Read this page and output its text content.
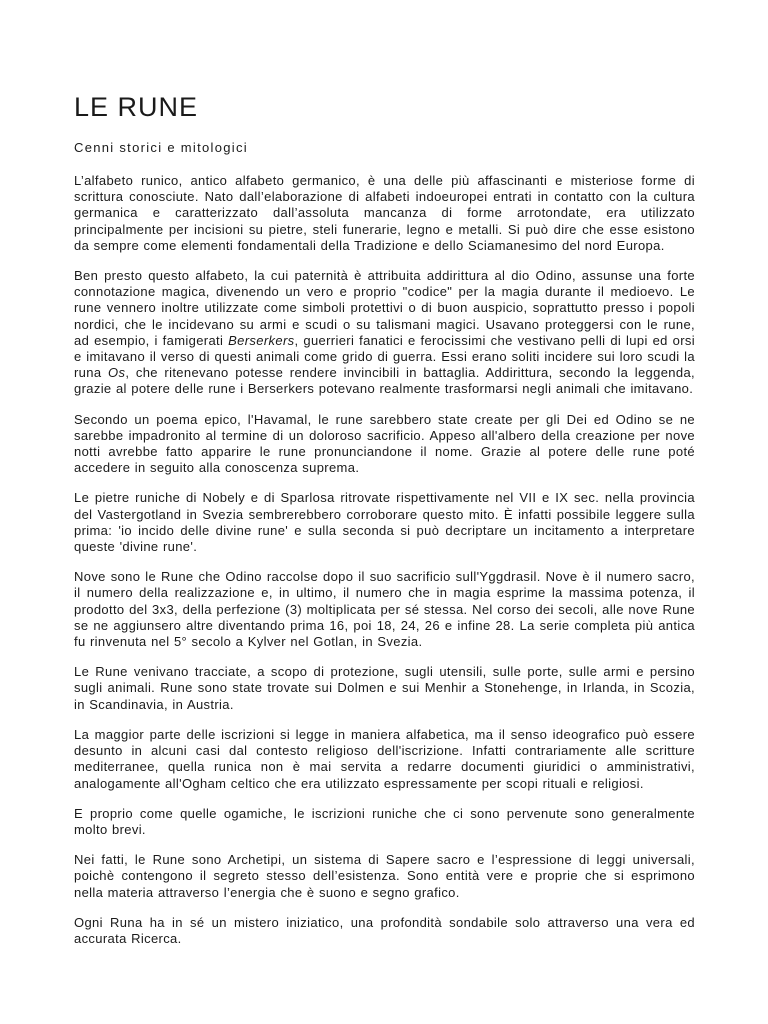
LE RUNE

Cenni storici e mitologici

L’alfabeto runico, antico alfabeto germanico, è una delle più affascinanti e misteriose forme di scrittura conosciute. Nato dall’elaborazione di alfabeti indoeuropei entrati in contatto con la cultura germanica e caratterizzato dall’assoluta mancanza di forme arrotondate, era utilizzato principalmente per incisioni su pietre, steli funerarie, legno e metalli. Si può dire che esse esistono da sempre come elementi fondamentali della Tradizione e dello Sciamanesimo del nord Europa.

Ben presto questo alfabeto, la cui paternità è attribuita addirittura al dio Odino, assunse una forte connotazione magica, divenendo un vero e proprio "codice" per la magia durante il medioevo. Le rune vennero inoltre utilizzate come simboli protettivi o di buon auspicio, soprattutto presso i popoli nordici, che le incidevano su armi e scudi o su talismani magici. Usavano proteggersi con le rune, ad esempio, i famigerati Berserkers, guerrieri fanatici e ferocissimi che vestivano pelli di lupi ed orsi e imitavano il verso di questi animali come grido di guerra. Essi erano soliti incidere sui loro scudi la runa Os, che ritenevano potesse rendere invincibili in battaglia. Addirittura, secondo la leggenda, grazie al potere delle rune i Berserkers potevano realmente trasformarsi negli animali che imitavano.

Secondo un poema epico, l'Havamal, le rune sarebbero state create per gli Dei ed Odino se ne sarebbe impadronito al termine di un doloroso sacrificio. Appeso all'albero della creazione per nove notti avrebbe fatto apparire le rune pronunciandone il nome. Grazie al potere delle rune poté accedere in seguito alla conoscenza suprema.

Le pietre runiche di Nobely e di Sparlosa ritrovate rispettivamente nel VII e IX sec. nella provincia del Vastergotland in Svezia sembrerebbero corroborare questo mito. È infatti possibile leggere sulla prima: 'io incido delle divine rune' e sulla seconda si può decriptare un incitamento a interpretare queste 'divine rune'.

Nove sono le Rune che Odino raccolse dopo il suo sacrificio sull'Yggdrasil. Nove è il numero sacro, il numero della realizzazione e, in ultimo, il numero che in magia esprime la massima potenza, il prodotto del 3x3, della perfezione (3) moltiplicata per sé stessa. Nel corso dei secoli, alle nove Rune se ne aggiunsero altre diventando prima 16, poi 18, 24, 26 e infine 28. La serie completa più antica fu rinvenuta nel 5° secolo a Kylver nel Gotlan, in Svezia.

Le Rune venivano tracciate, a scopo di protezione, sugli utensili, sulle porte, sulle armi e persino sugli animali. Rune sono state trovate sui Dolmen e sui Menhir a Stonehenge, in Irlanda, in Scozia, in Scandinavia, in Austria.

La maggior parte delle iscrizioni si legge in maniera alfabetica, ma il senso ideografico può essere desunto in alcuni casi dal contesto religioso dell'iscrizione. Infatti contrariamente alle scritture mediterranee, quella runica non è mai servita a redarre documenti giuridici o amministrativi, analogamente all'Ogham celtico che era utilizzato espressamente per scopi rituali e religiosi.

E proprio come quelle ogamiche, le iscrizioni runiche che ci sono pervenute sono generalmente molto brevi.

Nei fatti, le Rune sono Archetipi, un sistema di Sapere sacro e l’espressione di leggi universali, poichè contengono il segreto stesso dell’esistenza. Sono entità vere e proprie che si esprimono nella materia attraverso l’energia che è suono e segno grafico.

Ogni Runa ha in sé un mistero iniziatico, una profondità sondabile solo attraverso una vera ed accurata Ricerca.
